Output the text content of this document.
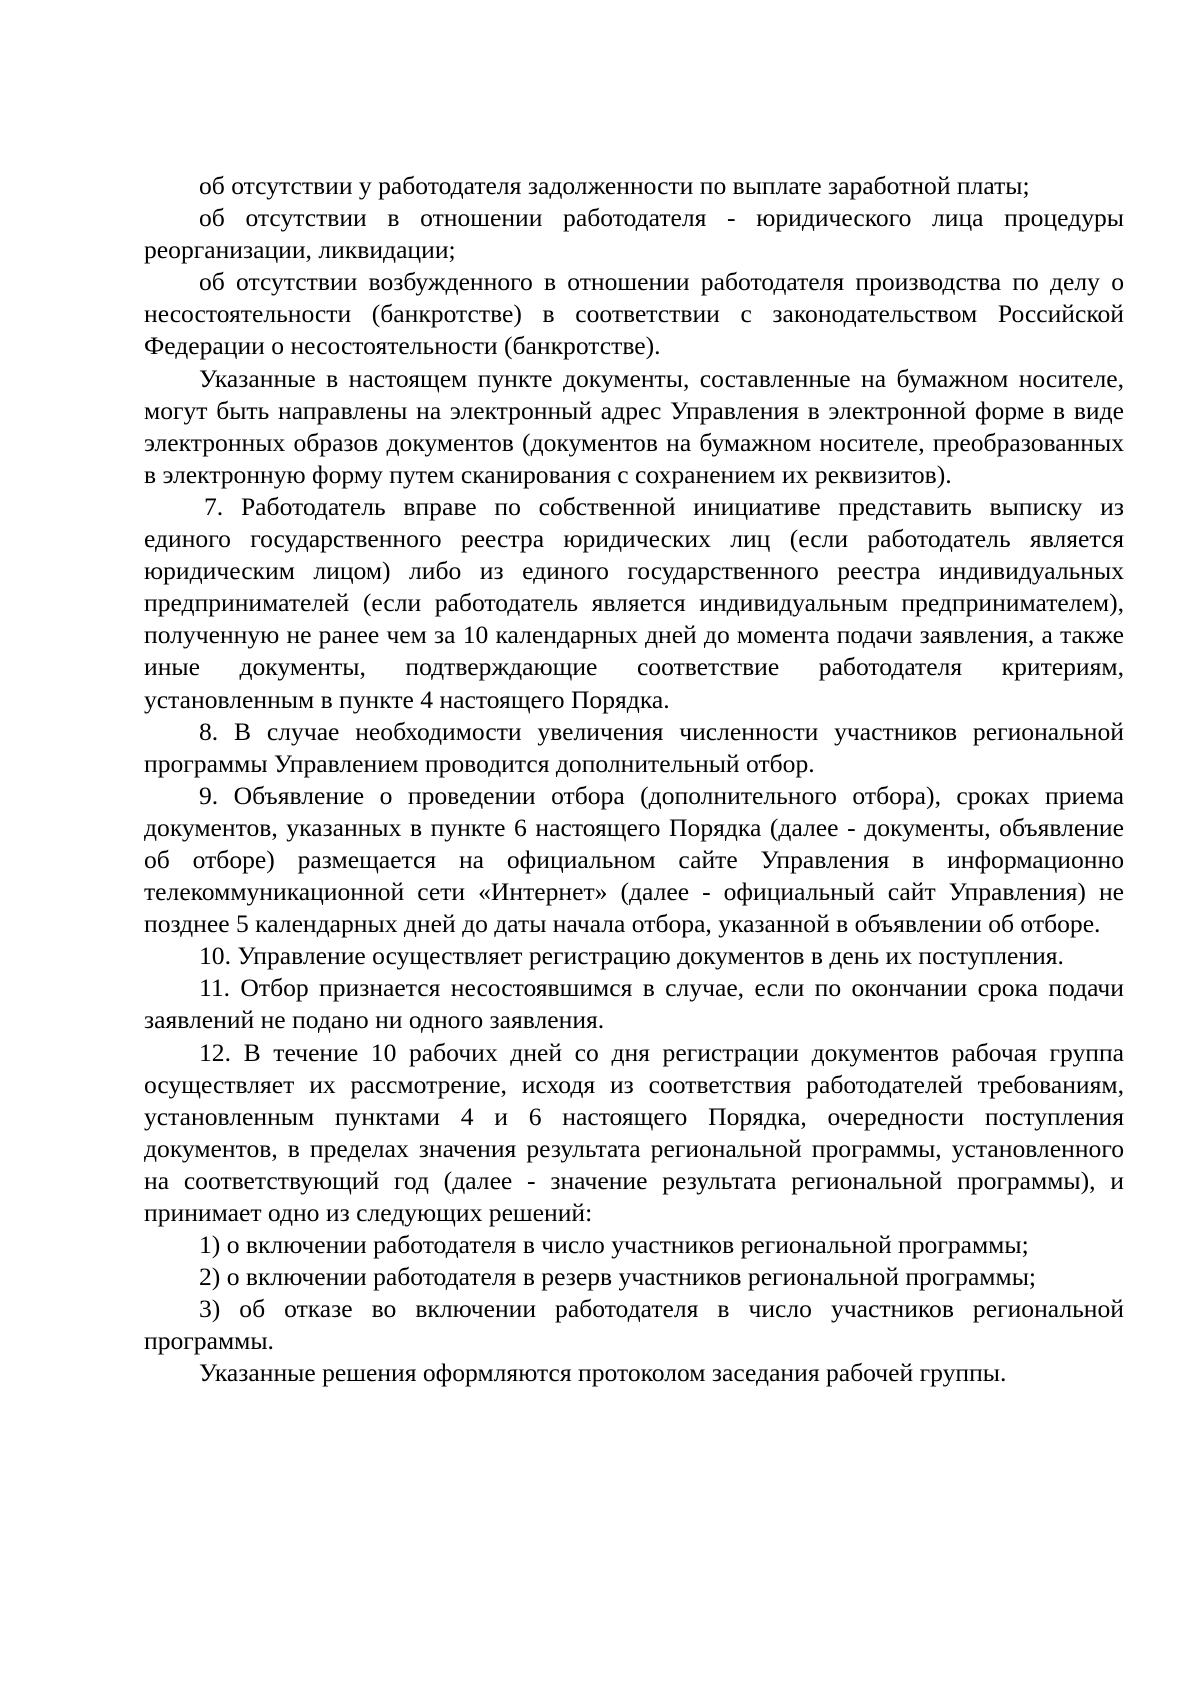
об отсутствии у работодателя задолженности по выплате заработной платы;

об отсутствии в отношении работодателя - юридического лица процедуры реорганизации, ликвидации;

об отсутствии возбужденного в отношении работодателя производства по делу о несостоятельности (банкротстве) в соответствии с законодательством Российской Федерации о несостоятельности (банкротстве).

Указанные в настоящем пункте документы, составленные на бумажном носителе, могут быть направлены на электронный адрес Управления в электронной форме в виде электронных образов документов (документов на бумажном носителе, преобразованных в электронную форму путем сканирования с сохранением их реквизитов).

7. Работодатель вправе по собственной инициативе представить выписку из единого государственного реестра юридических лиц (если работодатель является юридическим лицом) либо из единого государственного реестра индивидуальных предпринимателей (если работодатель является индивидуальным предпринимателем), полученную не ранее чем за 10 календарных дней до момента подачи заявления, а также иные документы, подтверждающие соответствие работодателя критериям, установленным в пункте 4 настоящего Порядка.

8. В случае необходимости увеличения численности участников региональной программы Управлением проводится дополнительный отбор.

9. Объявление о проведении отбора (дополнительного отбора), сроках приема документов, указанных в пункте 6 настоящего Порядка (далее - документы, объявление об отборе) размещается на официальном сайте Управления в информационно телекоммуникационной сети «Интернет» (далее - официальный сайт Управления) не позднее 5 календарных дней до даты начала отбора, указанной в объявлении об отборе.

10. Управление осуществляет регистрацию документов в день их поступления.

11. Отбор признается несостоявшимся в случае, если по окончании срока подачи заявлений не подано ни одного заявления.

12. В течение 10 рабочих дней со дня регистрации документов рабочая группа осуществляет их рассмотрение, исходя из соответствия работодателей требованиям, установленным пунктами 4 и 6 настоящего Порядка, очередности поступления документов, в пределах значения результата региональной программы, установленного на соответствующий год (далее - значение результата региональной программы), и принимает одно из следующих решений:

1) о включении работодателя в число участников региональной программы;

2) о включении работодателя в резерв участников региональной программы;

3) об отказе во включении работодателя в число участников региональной программы.

Указанные решения оформляются протоколом заседания рабочей группы.
